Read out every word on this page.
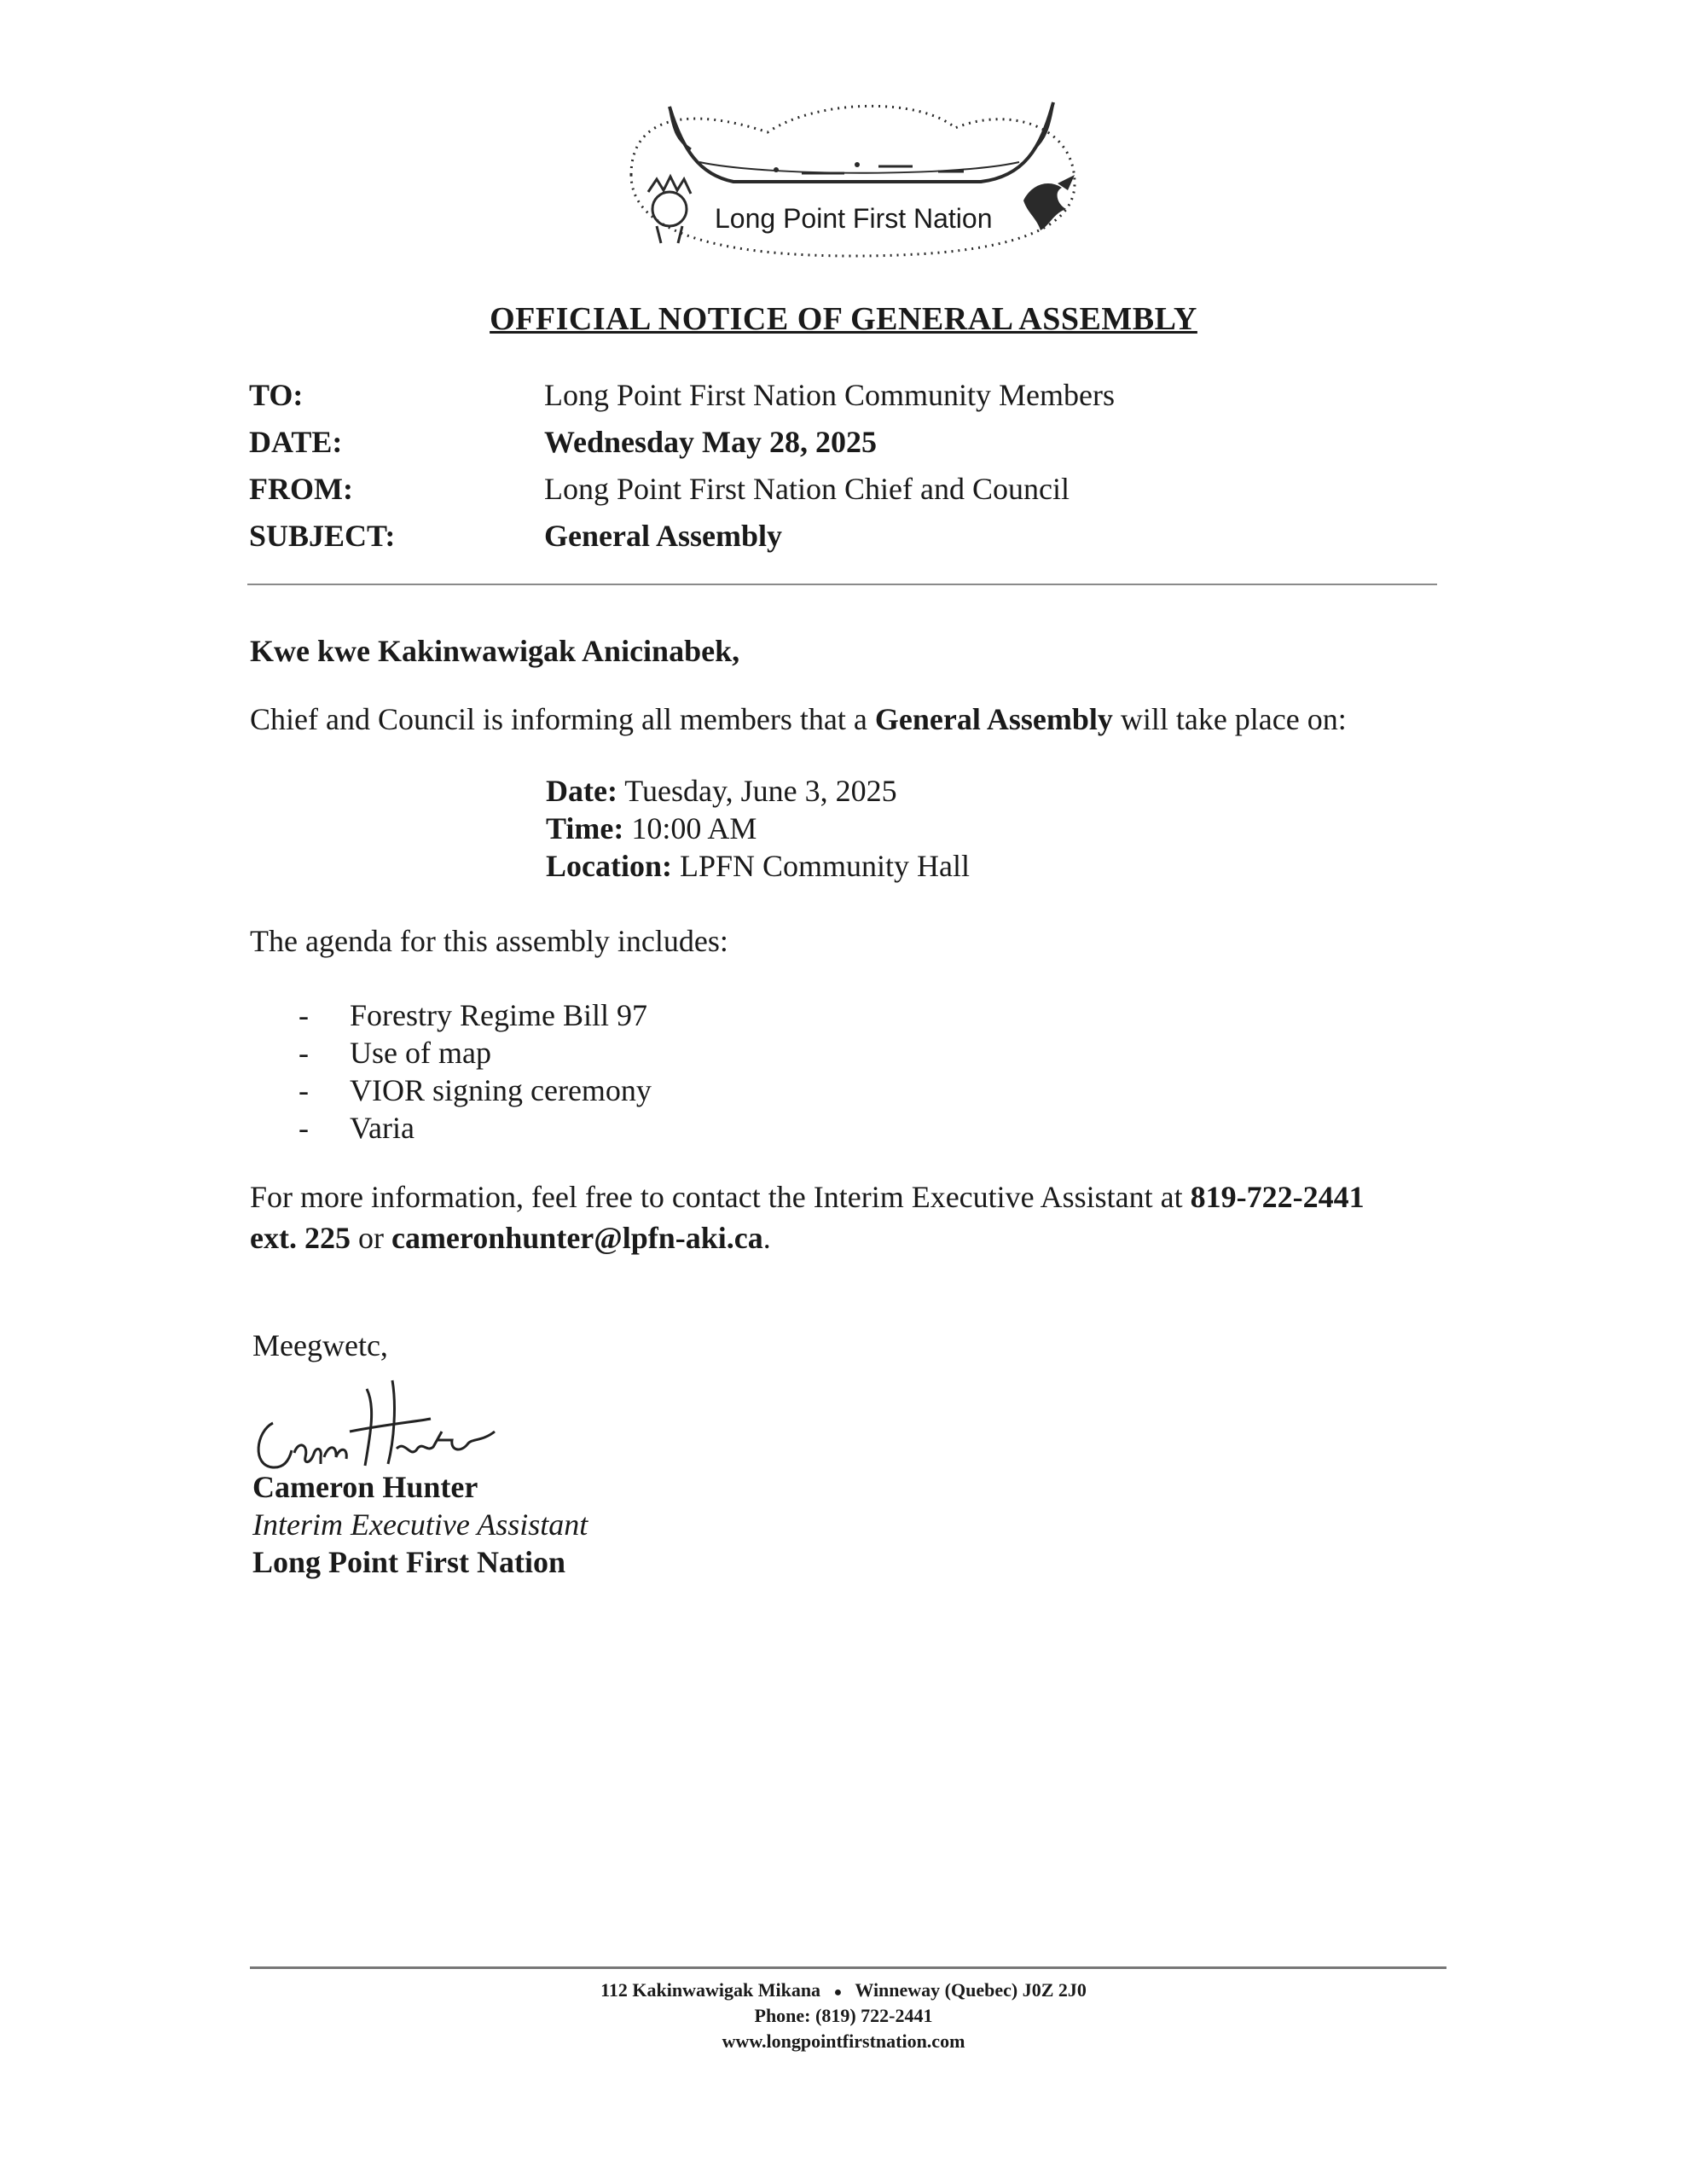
Long Point First Nation
OFFICIAL NOTICE OF GENERAL ASSEMBLY
TO:	Long Point First Nation Community Members
DATE:	Wednesday May 28, 2025
FROM:	Long Point First Nation Chief and Council
SUBJECT:	General Assembly
Kwe kwe Kakinwawigak Anicinabek,
Chief and Council is informing all members that a General Assembly will take place on:
Date: Tuesday, June 3, 2025
Time: 10:00 AM
Location: LPFN Community Hall
The agenda for this assembly includes:
- Forestry Regime Bill 97
- Use of map
- VIOR signing ceremony
- Varia
For more information, feel free to contact the Interim Executive Assistant at 819-722-2441
ext. 225 or cameronhunter@lpfn-aki.ca.
Meegwetc,
Cameron Hunter
Interim Executive Assistant
Long Point First Nation
112 Kakinwawigak Mikana ● Winneway (Quebec) J0Z 2J0
Phone: (819) 722-2441
www.longpointfirstnation.com
